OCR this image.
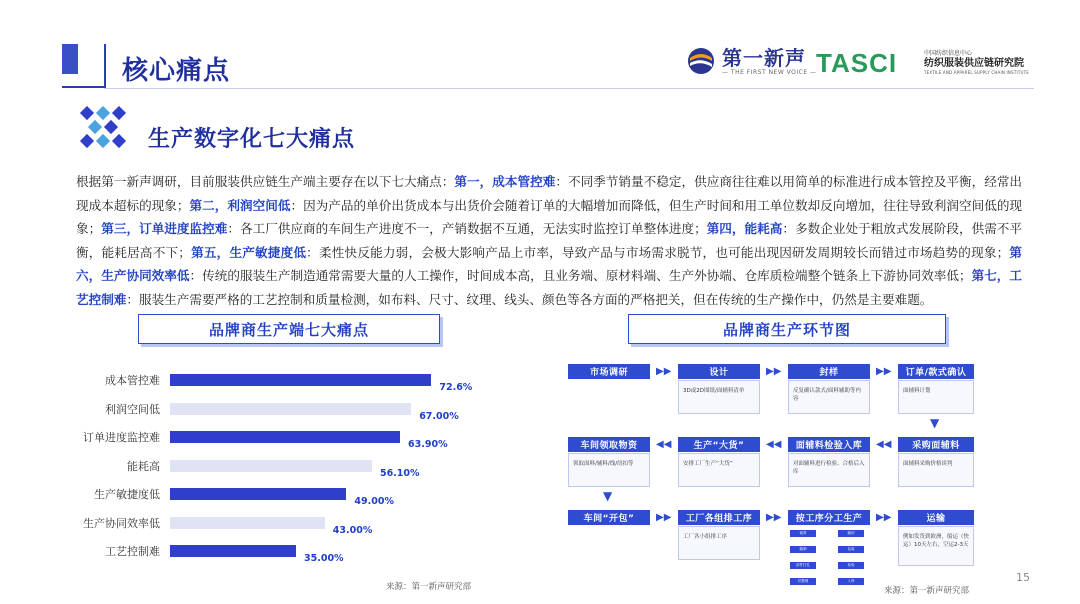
核心痛点	第一新声
— THE FIRST NEW VOICE — TASCI	中国纺织信息中心
纺织服装供应链研究院
TEXTILE AND APPAREL SUPPLY CHAIN INSTITUTE
生产数字化七大痛点
根据第一新声调研，目前服装供应链生产端主要存在以下七大痛点：第一，成本管控难：不同季节销量不稳定，供应商往往难以用简单的标准进行成本管控及平衡，经常出现成本超标的现象；第二，利润空间低：因为产品的单价出货成本与出货价会随着订单的大幅增加而降低，但生产时间和用工单位数却反向增加，往往导致利润空间低的现象；第三，订单进度监控难：各工厂供应商的车间生产进度不一，产销数据不互通，无法实时监控订单整体进度；第四，能耗高：多数企业处于粗放式发展阶段，供需不平衡，能耗居高不下；第五，生产敏捷度低：柔性快反能力弱，会极大影响产品上市率，导致产品与市场需求脱节，也可能出现因研发周期较长而错过市场趋势的现象；第六，生产协同效率低：传统的服装生产制造通常需要大量的人工操作，时间成本高，且业务端、原材料端、生产外协端、仓库质检端整个链条上下游协同效率低；第七，工艺控制难：服装生产需要严格的工艺控制和质量检测，如布料、尺寸、纹理、线头、颜色等各方面的严格把关，但在传统的生产操作中，仍然是主要难题。
品牌商生产端七大痛点
成本管控难
72.6%
利润空间低
67.00%
订单进度监控难
63.90%
能耗高
56.10%
生产敏捷度低
49.00%
生产协同效率低
43.00%
工艺控制难
35.00%
来源：第一新声研究部
品牌商生产环节图
市场调研	▶▶	设计
3D或2D图纸/面辅料清单
▶▶	封样
反复确认款式/面料辅助等内容
▶▶	订单/款式确认
面辅料计划
▼
车间领取物资
领取面料/辅料/线/纽扣等
◀◀	生产“大货”
安排工厂生产“大货”
◀◀	面辅料检验入库
对面辅料进行检验、合格后入库
◀◀	采购面辅料
面辅料采购价格谈判
▼
车间“开包”	▶▶	工厂各组排工序
工厂各小组排工序
▶▶	按工序分工生产
裁剪	缝纫
缝制	包装
部件打孔	检验
后整理	入库
▶▶	运输
例如发货到欧洲，船运（快运）10天左右，空运2-3天
来源：第一新声研究部
15
